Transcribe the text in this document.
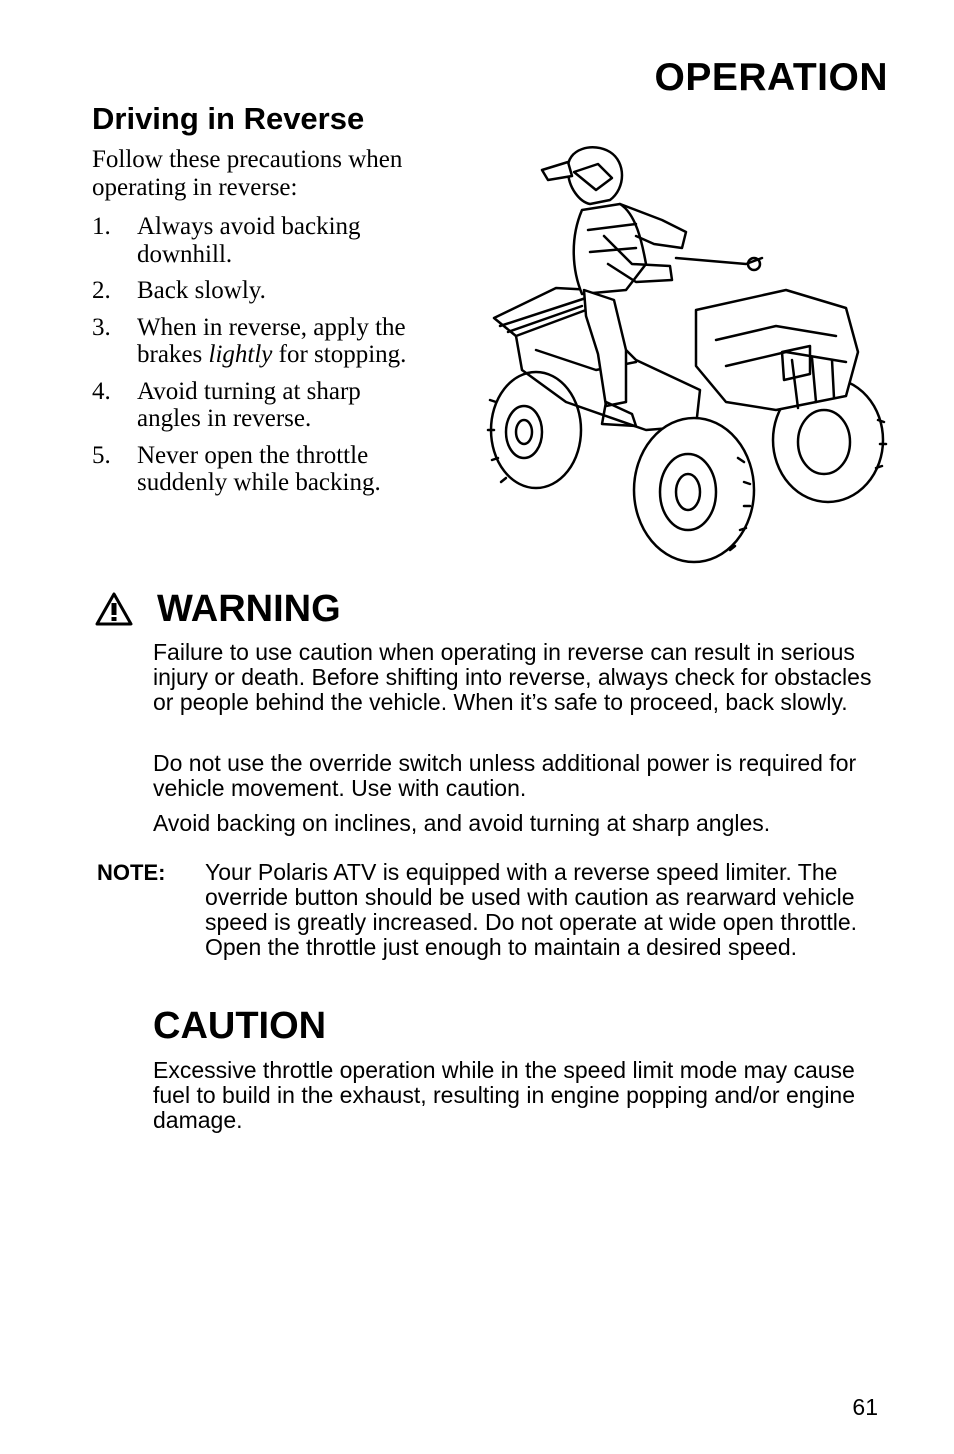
OPERATION
Driving in Reverse
Follow these precautions when operating in reverse:
1. Always avoid backing downhill.
2. Back slowly.
3. When in reverse, apply the brakes lightly for stopping.
4. Avoid turning at sharp angles in reverse.
5. Never open the throttle suddenly while backing.
WARNING
Failure to use caution when operating in reverse can result in serious injury or death. Before shifting into reverse, always check for obstacles or people behind the vehicle. When it’s safe to proceed, back slowly.
Do not use the override switch unless additional power is required for vehicle movement. Use with caution.
Avoid backing on inclines, and avoid turning at sharp angles.
NOTE: Your Polaris ATV is equipped with a reverse speed limiter. The override button should be used with caution as rearward vehicle speed is greatly increased. Do not operate at wide open throttle. Open the throttle just enough to maintain a desired speed.
CAUTION
Excessive throttle operation while in the speed limit mode may cause fuel to build in the exhaust, resulting in engine popping and/or engine damage.
61
